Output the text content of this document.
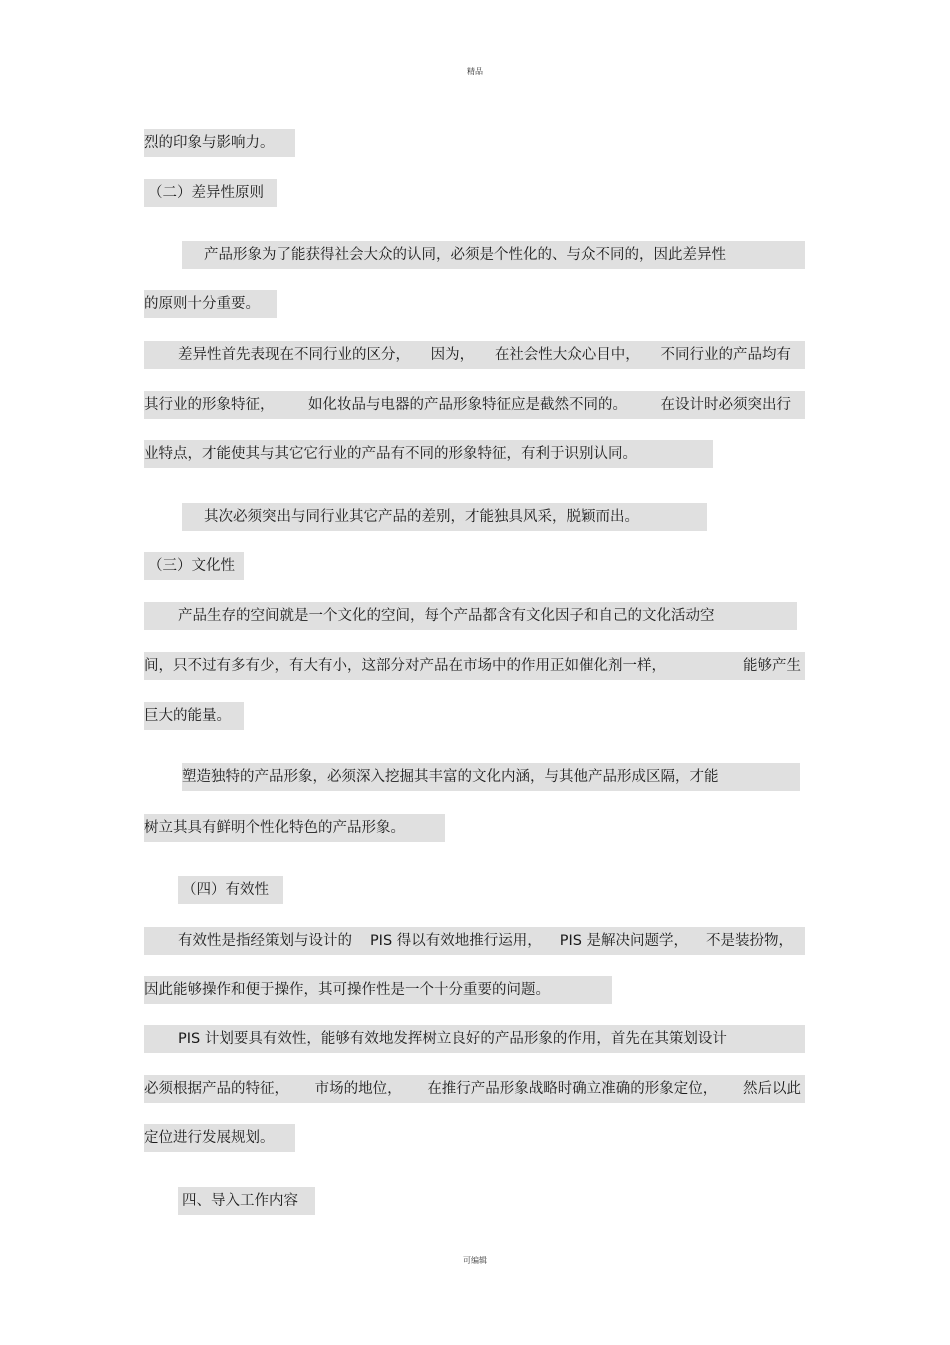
精品
烈的印象与影响力。
（二）差异性原则
产品形象为了能获得社会大众的认同，必须是个性化的、与众不同的，因此差异性
的原则十分重要。
差异性首先表现在不同行业的区分， 因为， 在社会性大众心目中， 不同行业的产品均有
其行业的形象特征， 如化妆品与电器的产品形象特征应是截然不同的。 在设计时必须突出行
业特点，才能使其与其它它行业的产品有不同的形象特征，有利于识别认同。
其次必须突出与同行业其它产品的差别，才能独具风采，脱颖而出。
（三）文化性
产品生存的空间就是一个文化的空间，每个产品都含有文化因子和自己的文化活动空
间，只不过有多有少，有大有小，这部分对产品在市场中的作用正如催化剂一样，	能够产生
巨大的能量。
塑造独特的产品形象，必须深入挖掘其丰富的文化内涵，与其他产品形成区隔，才能
树立其具有鲜明个性化特色的产品形象。
（四）有效性
有效性是指经策划与设计的 PIS 得以有效地推行运用， PIS 是解决问题学， 不是装扮物，
因此能够操作和便于操作，其可操作性是一个十分重要的问题。
PIS 计划要具有效性，能够有效地发挥树立良好的产品形象的作用，首先在其策划设计
必须根据产品的特征， 市场的地位， 在推行产品形象战略时确立准确的形象定位， 然后以此
定位进行发展规划。
四、导入工作内容
可编辑
